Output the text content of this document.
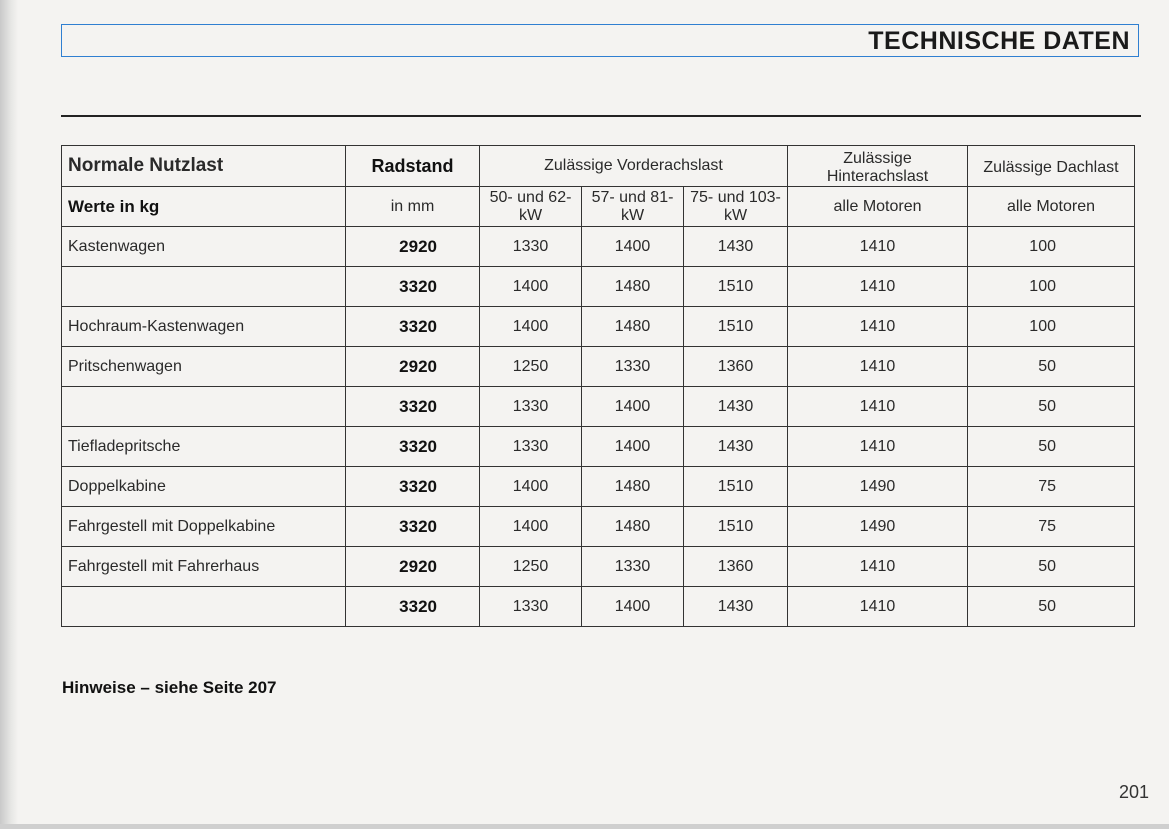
TECHNISCHE DATEN
Normale Nutzlast	Radstand	Zulässige Vorderachslast			Zulässige Hinterachslast	Zulässige Dachlast
Werte in kg	in mm	50- und 62-kW	57- und 81-kW	75- und 103-kW	alle Motoren	alle Motoren
Kastenwagen	2920	1330	1400	1430	1410	100
	3320	1400	1480	1510	1410	100
Hochraum-Kastenwagen	3320	1400	1480	1510	1410	100
Pritschenwagen	2920	1250	1330	1360	1410	50
	3320	1330	1400	1430	1410	50
Tiefladepritsche	3320	1330	1400	1430	1410	50
Doppelkabine	3320	1400	1480	1510	1490	75
Fahrgestell mit Doppelkabine	3320	1400	1480	1510	1490	75
Fahrgestell mit Fahrerhaus	2920	1250	1330	1360	1410	50
	3320	1330	1400	1430	1410	50
Hinweise – siehe Seite 207
201
